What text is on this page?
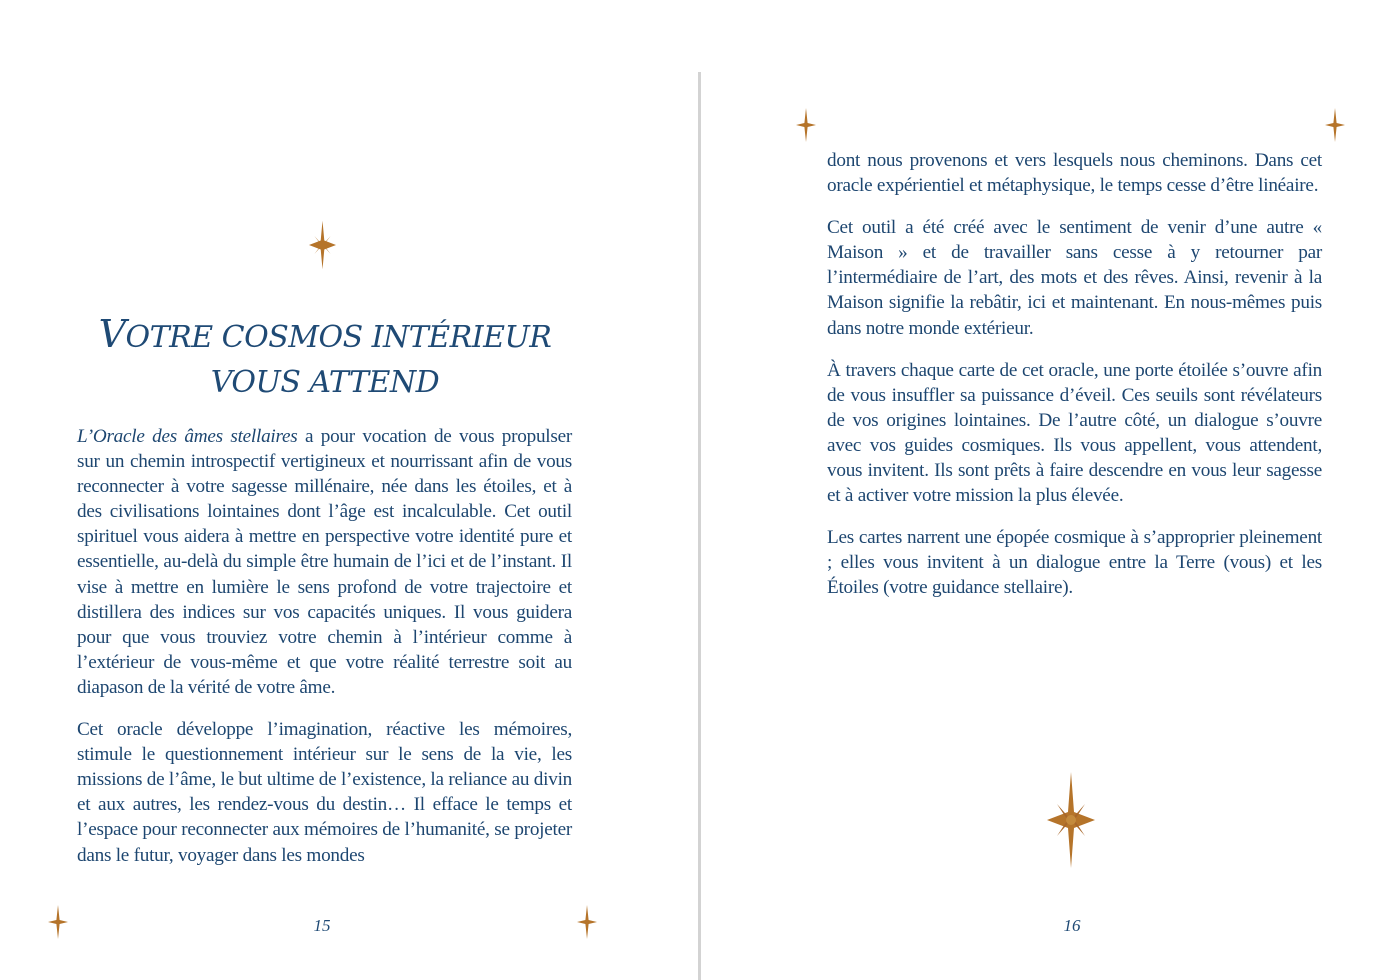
VOTRE COSMOS INTÉRIEUR
VOUS ATTEND

L’Oracle des âmes stellaires a pour vocation de vous propulser sur un chemin introspectif vertigineux et nourrissant afin de vous reconnecter à votre sagesse millénaire, née dans les étoiles, et à des civilisations lointaines dont l’âge est incalculable. Cet outil spirituel vous aidera à mettre en perspective votre identité pure et essentielle, au-delà du simple être humain de l’ici et de l’instant. Il vise à mettre en lumière le sens profond de votre trajectoire et distillera des indices sur vos capacités uniques. Il vous guidera pour que vous trouviez votre chemin à l’intérieur comme à l’extérieur de vous-même et que votre réalité terrestre soit au diapason de la vérité de votre âme.

Cet oracle développe l’imagination, réactive les mémoires, stimule le questionnement intérieur sur le sens de la vie, les missions de l’âme, le but ultime de l’existence, la reliance au divin et aux autres, les rendez-vous du destin… Il efface le temps et l’espace pour reconnecter aux mémoires de l’humanité, se projeter dans le futur, voyager dans les mondes

15

dont nous provenons et vers lesquels nous cheminons. Dans cet oracle expérientiel et métaphysique, le temps cesse d’être linéaire.

Cet outil a été créé avec le sentiment de venir d’une autre « Maison » et de travailler sans cesse à y retourner par l’intermédiaire de l’art, des mots et des rêves. Ainsi, revenir à la Maison signifie la rebâtir, ici et maintenant. En nous-mêmes puis dans notre monde extérieur.

À travers chaque carte de cet oracle, une porte étoilée s’ouvre afin de vous insuffler sa puissance d’éveil. Ces seuils sont révélateurs de vos origines lointaines. De l’autre côté, un dialogue s’ouvre avec vos guides cosmiques. Ils vous appellent, vous attendent, vous invitent. Ils sont prêts à faire descendre en vous leur sagesse et à activer votre mission la plus élevée.

Les cartes narrent une épopée cosmique à s’approprier pleinement ; elles vous invitent à un dialogue entre la Terre (vous) et les Étoiles (votre guidance stellaire).

16
